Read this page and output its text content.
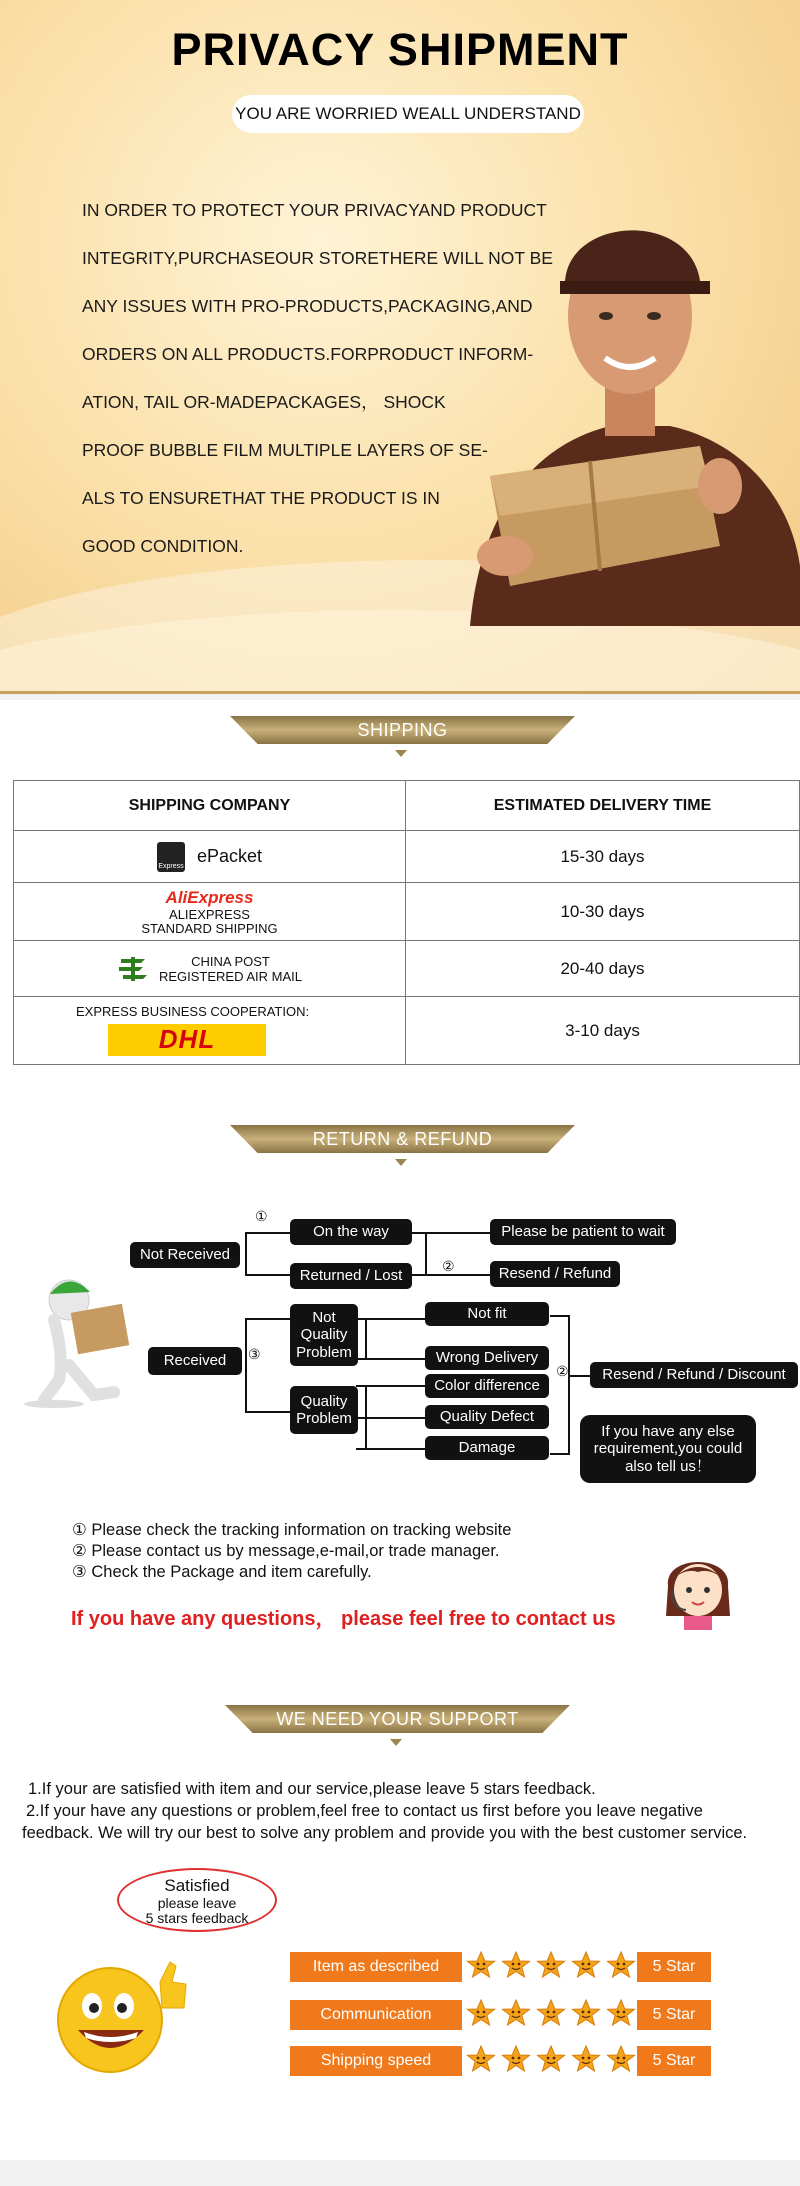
PRIVACY SHIPMENT
YOU ARE WORRIED WEALL UNDERSTAND
IN ORDER TO PROTECT YOUR PRIVACYAND PRODUCT
INTEGRITY,PURCHASEOUR STORETHERE WILL NOT BE
ANY ISSUES WITH PRO-PRODUCTS,PACKAGING,AND
ORDERS ON ALL PRODUCTS.FORPRODUCT INFORM-
ATION, TAIL OR-MADEPACKAGES， SHOCK
PROOF BUBBLE FILM MULTIPLE LAYERS OF SE-
ALS TO ENSURETHAT THE PRODUCT IS IN
GOOD CONDITION.
SHIPPING
SHIPPING COMPANY	ESTIMATED DELIVERY TIME

Express ePacket	15-30 days

AliExpress
ALIEXPRESS
STANDARD SHIPPING	10-30 days

CHINA POST
REGISTERED AIR MAIL	20-40 days

EXPRESS BUSINESS COOPERATION:
DHL	3-10 days
RETURN & REFUND
①
②
③
②
Not Received
Received
On the way
Returned / Lost
Please be patient to wait
Resend / Refund
Not Quality Problem
Quality Problem
Not fit
Wrong Delivery
Color difference
Quality Defect
Damage
Resend / Refund / Discount
If you have any else requirement,you could also tell us！
① Please check the tracking information on tracking website
② Please contact us by message,e-mail,or trade manager.
③ Check the Package and item carefully.
If you have any questions， please feel free to contact us
WE NEED YOUR SUPPORT
1.If your are satisfied with item and our service,please leave 5 stars feedback.
2.If your have any questions or problem,feel free to contact us first before you leave negative
feedback. We will try our best to solve any problem and provide you with the best customer service.
Satisfied
please leave
5 stars feedback
Item as described	5 Star
Communication	5 Star
Shipping speed	5 Star
